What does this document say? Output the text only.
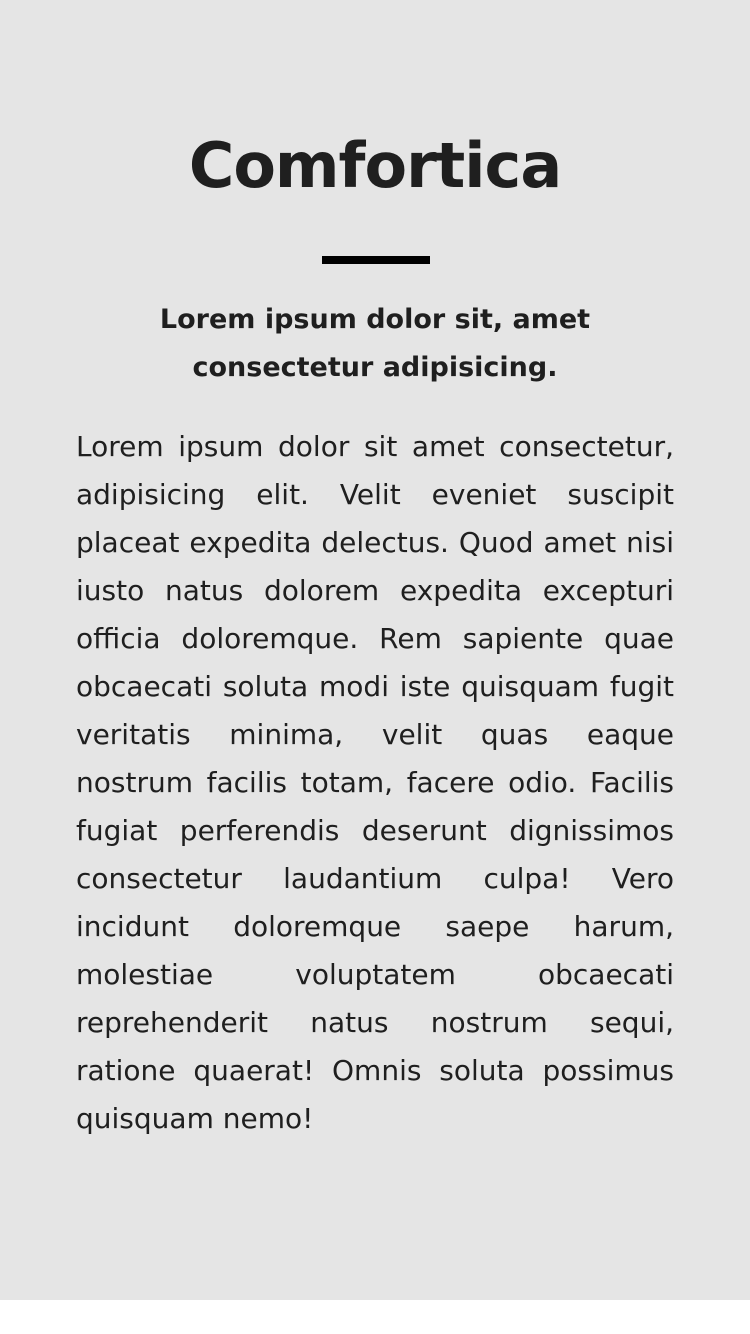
Comfortica
Lorem ipsum dolor sit, amet consectetur adipisicing.

Lorem ipsum dolor sit amet consectetur, adipisicing elit. Velit eveniet suscipit placeat expedita delectus. Quod amet nisi iusto natus dolorem expedita excepturi officia doloremque. Rem sapiente quae obcaecati soluta modi iste quisquam fugit veritatis minima, velit quas eaque nostrum facilis totam, facere odio. Facilis fugiat perferendis deserunt dignissimos consectetur laudantium culpa! Vero incidunt doloremque saepe harum, molestiae voluptatem obcaecati reprehenderit natus nostrum sequi, ratione quaerat! Omnis soluta possimus quisquam nemo!
